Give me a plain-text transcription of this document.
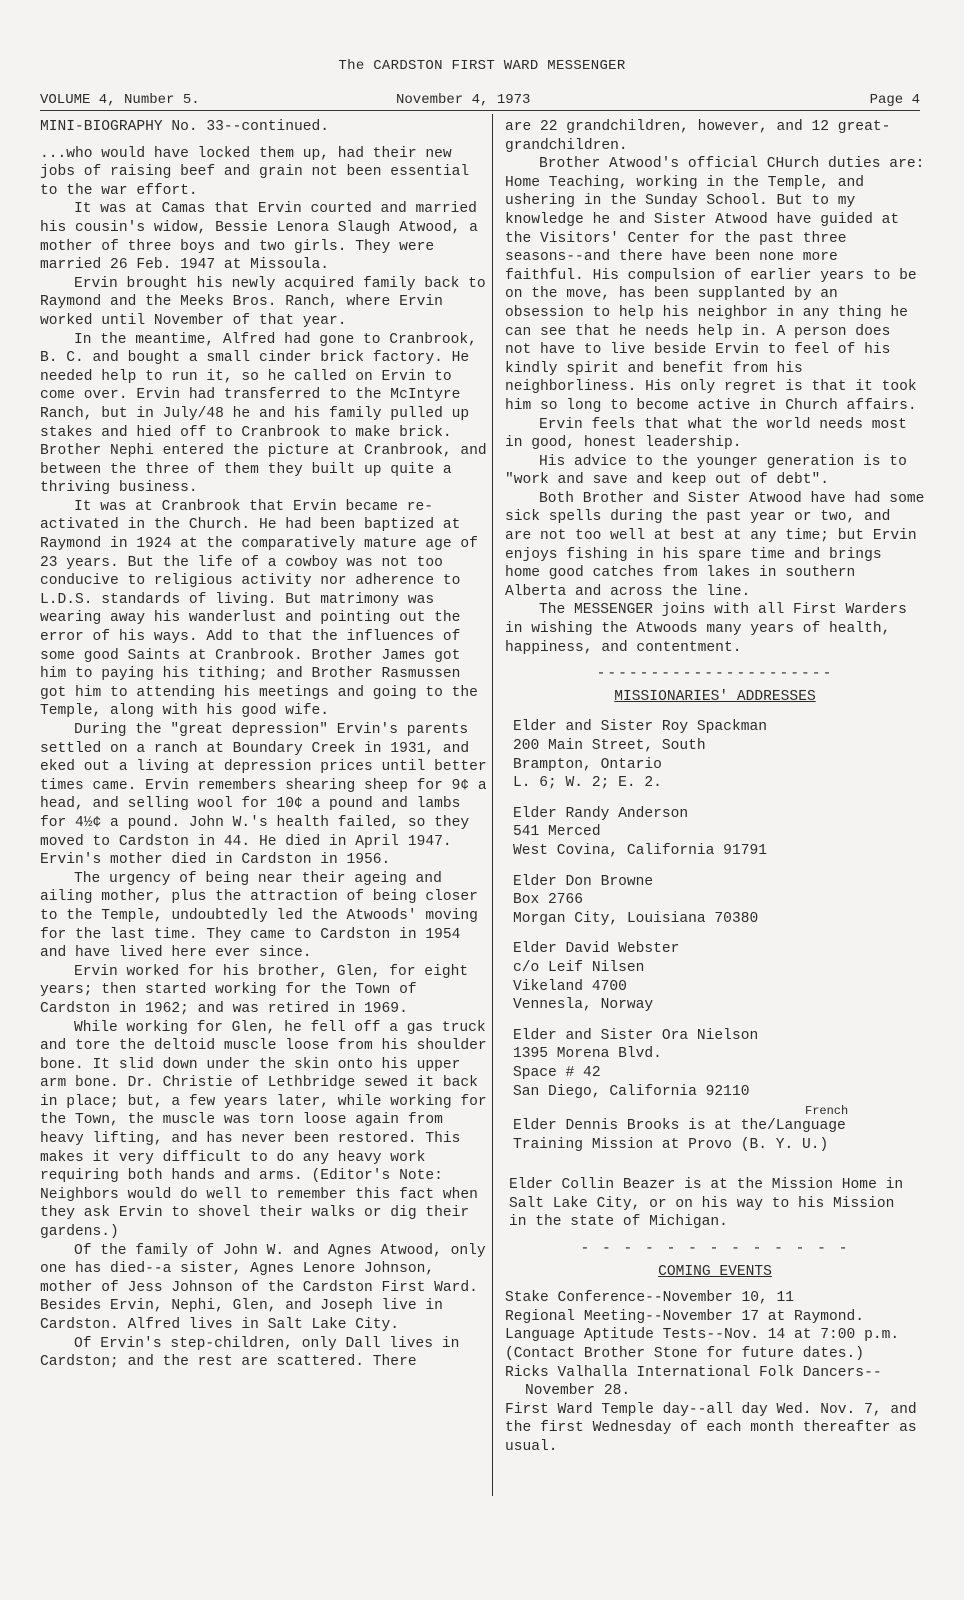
The CARDSTON FIRST WARD MESSENGER
VOLUME 4, Number 5.	November 4, 1973	Page 4

MINI-BIOGRAPHY No. 33--continued.

...who would have locked them up, had their new jobs of raising beef and grain not been essential to the war effort.

It was at Camas that Ervin courted and married his cousin's widow, Bessie Lenora Slaugh Atwood, a mother of three boys and two girls. They were married 26 Feb. 1947 at Missoula.

Ervin brought his newly acquired family back to Raymond and the Meeks Bros. Ranch, where Ervin worked until November of that year.

In the meantime, Alfred had gone to Cranbrook, B. C. and bought a small cinder brick factory. He needed help to run it, so he called on Ervin to come over. Ervin had transferred to the McIntyre Ranch, but in July/48 he and his family pulled up stakes and hied off to Cranbrook to make brick. Brother Nephi entered the picture at Cranbrook, and between the three of them they built up quite a thriving business.

It was at Cranbrook that Ervin became re-activated in the Church. He had been baptized at Raymond in 1924 at the comparatively mature age of 23 years. But the life of a cowboy was not too conducive to religious activity nor adherence to L.D.S. standards of living. But matrimony was wearing away his wanderlust and pointing out the error of his ways. Add to that the influences of some good Saints at Cranbrook. Brother James got him to paying his tithing; and Brother Rasmussen got him to attending his meetings and going to the Temple, along with his good wife.

During the "great depression" Ervin's parents settled on a ranch at Boundary Creek in 1931, and eked out a living at depression prices until better times came. Ervin remembers shearing sheep for 9¢ a head, and selling wool for 10¢ a pound and lambs for 4½¢ a pound. John W.'s health failed, so they moved to Cardston in 44. He died in April 1947. Ervin's mother died in Cardston in 1956.

The urgency of being near their ageing and ailing mother, plus the attraction of being closer to the Temple, undoubtedly led the Atwoods' moving for the last time. They came to Cardston in 1954 and have lived here ever since.

Ervin worked for his brother, Glen, for eight years; then started working for the Town of Cardston in 1962; and was retired in 1969.

While working for Glen, he fell off a gas truck and tore the deltoid muscle loose from his shoulder bone. It slid down under the skin onto his upper arm bone. Dr. Christie of Lethbridge sewed it back in place; but, a few years later, while working for the Town, the muscle was torn loose again from heavy lifting, and has never been restored. This makes it very difficult to do any heavy work requiring both hands and arms. (Editor's Note: Neighbors would do well to remember this fact when they ask Ervin to shovel their walks or dig their gardens.)

Of the family of John W. and Agnes Atwood, only one has died--a sister, Agnes Lenore Johnson, mother of Jess Johnson of the Cardston First Ward. Besides Ervin, Nephi, Glen, and Joseph live in Cardston. Alfred lives in Salt Lake City.

Of Ervin's step-children, only Dall lives in Cardston; and the rest are scattered. There

are 22 grandchildren, however, and 12 great-grandchildren.

Brother Atwood's official CHurch duties are: Home Teaching, working in the Temple, and ushering in the Sunday School. But to my knowledge he and Sister Atwood have guided at the Visitors' Center for the past three seasons--and there have been none more faithful. His compulsion of earlier years to be on the move, has been supplanted by an obsession to help his neighbor in any thing he can see that he needs help in. A person does not have to live beside Ervin to feel of his kindly spirit and benefit from his neighborliness. His only regret is that it took him so long to become active in Church affairs.

Ervin feels that what the world needs most in good, honest leadership.

His advice to the younger generation is to "work and save and keep out of debt".

Both Brother and Sister Atwood have had some sick spells during the past year or two, and are not too well at best at any time; but Ervin enjoys fishing in his spare time and brings home good catches from lakes in southern Alberta and across the line.

The MESSENGER joins with all First Warders in wishing the Atwoods many years of health, happiness, and contentment.

----------------------

MISSIONARIES' ADDRESSES

Elder and Sister Roy Spackman

200 Main Street, South

Brampton, Ontario

L. 6; W. 2; E. 2.

Elder Randy Anderson

541 Merced

West Covina, California 91791

Elder Don Browne

Box 2766

Morgan City, Louisiana 70380

Elder David Webster

c/o Leif Nilsen

Vikeland 4700

Vennesla, Norway

Elder and Sister Ora Nielson

1395 Morena Blvd.

Space # 42

San Diego, California 92110

French

Elder Dennis Brooks is at the/Language

Training Mission at Provo (B. Y. U.)

Elder Collin Beazer is at the Mission Home in Salt Lake City, or on his way to his Mission in the state of Michigan.

- - - - - - - - - - - - -

COMING EVENTS

Stake Conference--November 10, 11

Regional Meeting--November 17 at Raymond.

Language Aptitude Tests--Nov. 14 at 7:00 p.m.

(Contact Brother Stone for future dates.)

Ricks Valhalla International Folk Dancers--

November 28.

First Ward Temple day--all day Wed. Nov. 7, and the first Wednesday of each month thereafter as usual.
